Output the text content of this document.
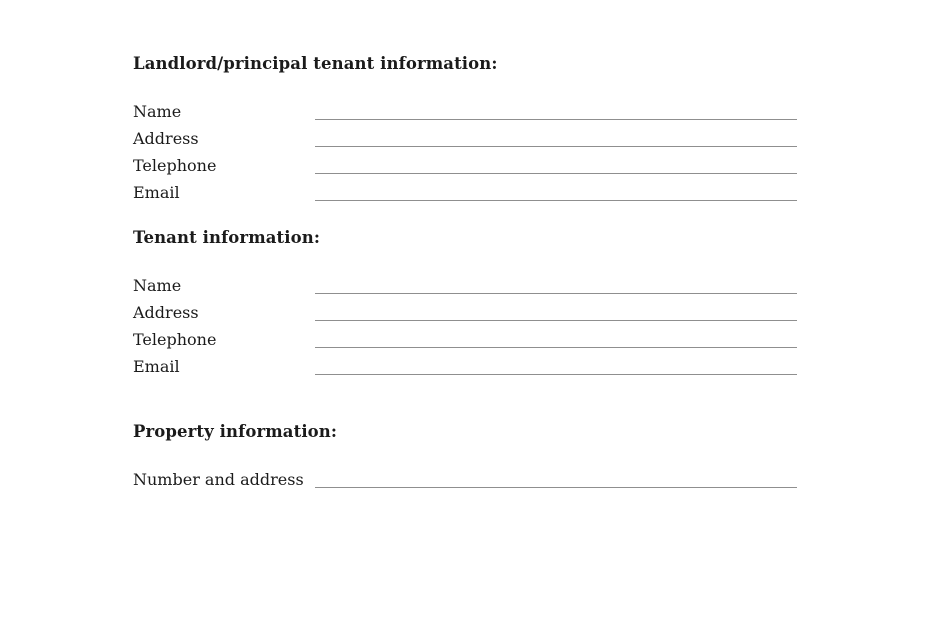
Landlord/principal tenant information:
Name
Address
Telephone
Email
Tenant information:
Name
Address
Telephone
Email
Property information:
Number and address
